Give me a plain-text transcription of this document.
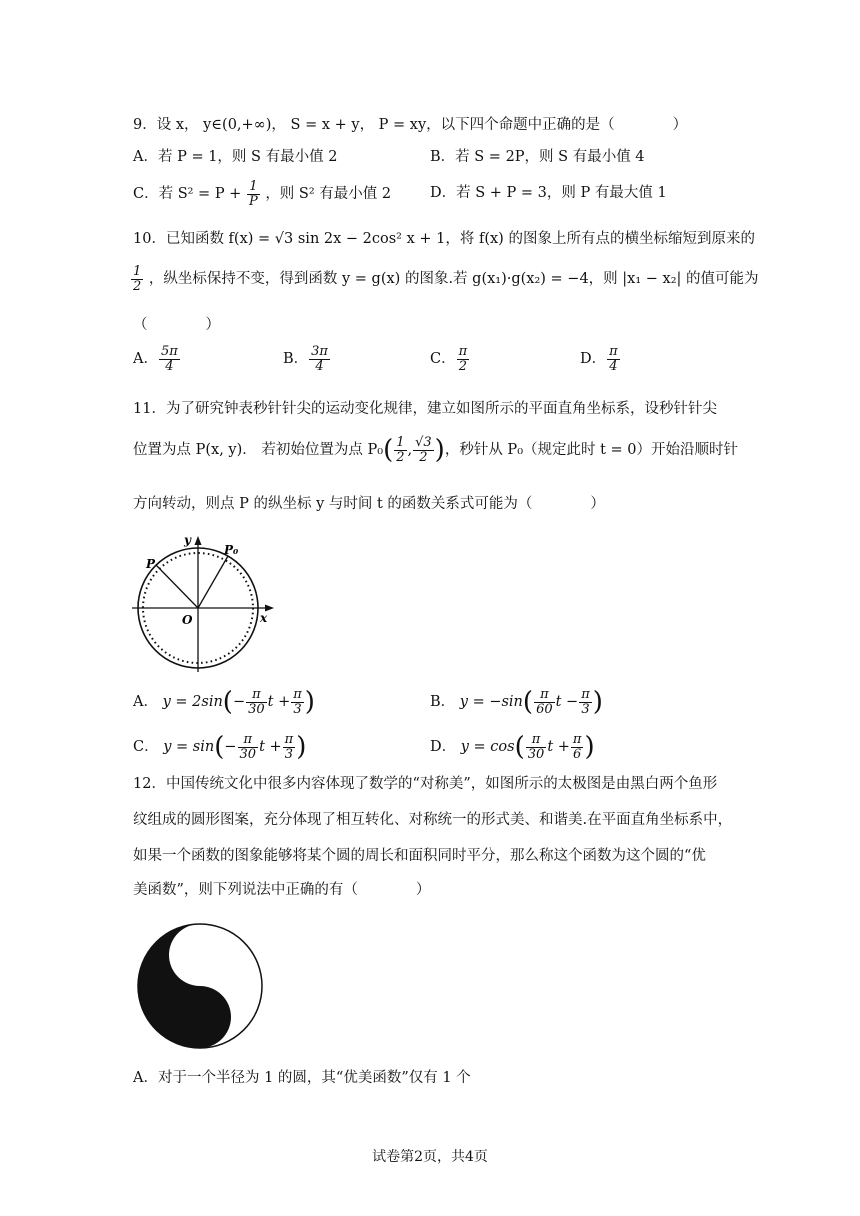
9．设 x， y∈(0,+∞)， S = x + y， P = xy，以下四个命题中正确的是（　　　　）
A．若 P = 1，则 S 有最小值 2	B．若 S = 2P，则 S 有最小值 4
C．若 $S^2 = P + \frac{1}{P}$ ，则 S² 有最小值 2	D．若 S + P = 3，则 P 有最大值 1
10．已知函数 f(x) = √3 sin 2x − 2cos² x + 1，将 f(x) 的图象上所有点的横坐标缩短到原来的
$\frac{1}{2}$ ，纵坐标保持不变，得到函数 y = g(x) 的图象.若 g(x₁)·g(x₂) = −4，则 |x₁ − x₂| 的值可能为
（　　　　）
A． $\frac{5\pi}{4}$	B． $\frac{3\pi}{4}$	C． $\frac{\pi}{2}$	D． $\frac{\pi}{4}$
11．为了研究钟表秒针针尖的运动变化规律，建立如图所示的平面直角坐标系，设秒针针尖
位置为点 P(x, y)． 若初始位置为点 $P_0( \frac{1}{2}$ , $\frac{√3}{2}$ )，秒针从 P₀（规定此时 t = 0）开始沿顺时针
方向转动，则点 P 的纵坐标 y 与时间 t 的函数关系式可能为（　　　　）
y
x
O
P
P₀
A． $y = 2\sin(- \frac{\pi}{30}$ $t + \frac{\pi}{3}$ )	B． $y = -\sin( \frac{\pi}{60}$ $t - \frac{\pi}{3}$ )
C． $y = \sin(- \frac{\pi}{30}$ $t + \frac{\pi}{3}$ )	D． $y = \cos( \frac{\pi}{30}$ $t + \frac{\pi}{6}$ )
12．中国传统文化中很多内容体现了数学的“对称美”，如图所示的太极图是由黑白两个鱼形
纹组成的圆形图案，充分体现了相互转化、对称统一的形式美、和谐美.在平面直角坐标系中，
如果一个函数的图象能够将某个圆的周长和面积同时平分，那么称这个函数为这个圆的“优
美函数”，则下列说法中正确的有（　　　　）
A．对于一个半径为 1 的圆，其“优美函数”仅有 1 个
试卷第2页，共4页
